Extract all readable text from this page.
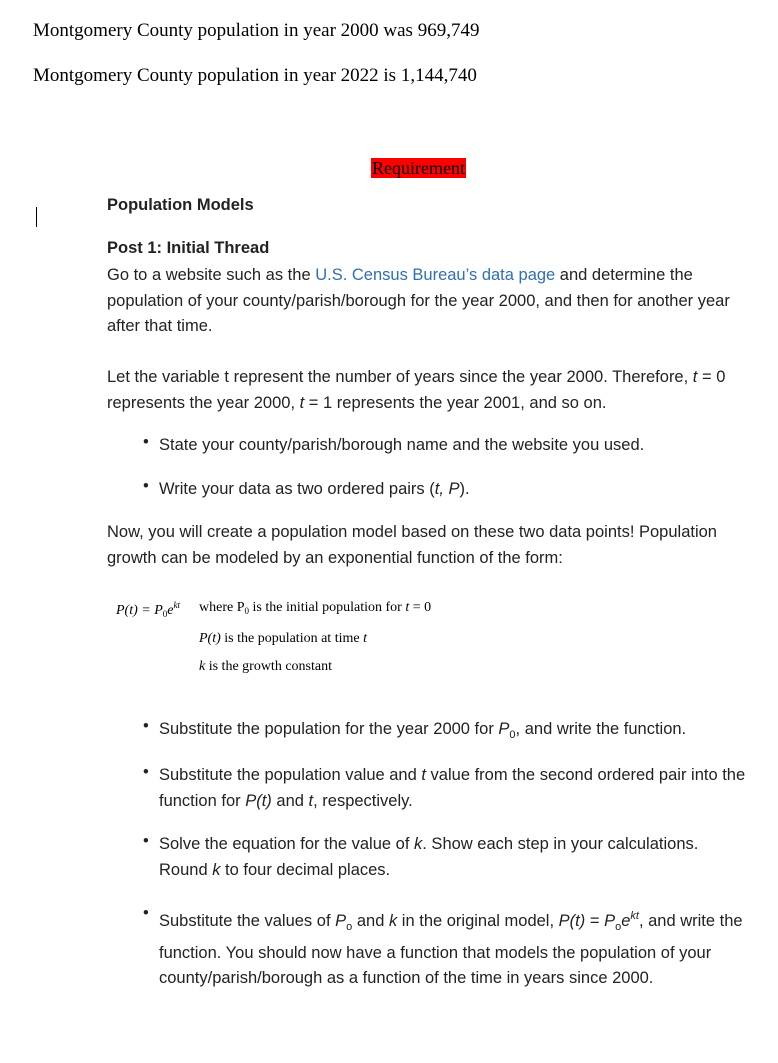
Montgomery County population in year 2000 was 969,749
Montgomery County population in year 2022 is 1,144,740
Requirement
Population Models
Post 1: Initial Thread
Go to a website such as the U.S. Census Bureau’s data page and determine the population of your county/parish/borough for the year 2000, and then for another year after that time.
Let the variable t represent the number of years since the year 2000. Therefore, t = 0 represents the year 2000, t = 1 represents the year 2001, and so on.
• State your county/parish/borough name and the website you used.
• Write your data as two ordered pairs (t, P).
Now, you will create a population model based on these two data points! Population growth can be modeled by an exponential function of the form:
$P(t) = P_0e^{kt}$ where $P_0$ is the initial population for t = 0
P(t) is the population at time t
k is the growth constant
• Substitute the population for the year 2000 for $P_0$, and write the function.
• Substitute the population value and t value from the second ordered pair into the function for P(t) and t, respectively.
• Solve the equation for the value of k. Show each step in your calculations. Round k to four decimal places.
• Substitute the values of $P_o$ and k in the original model, $P(t) = P_oe^{kt}$, and write the function. You should now have a function that models the population of your county/parish/borough as a function of the time in years since 2000.
